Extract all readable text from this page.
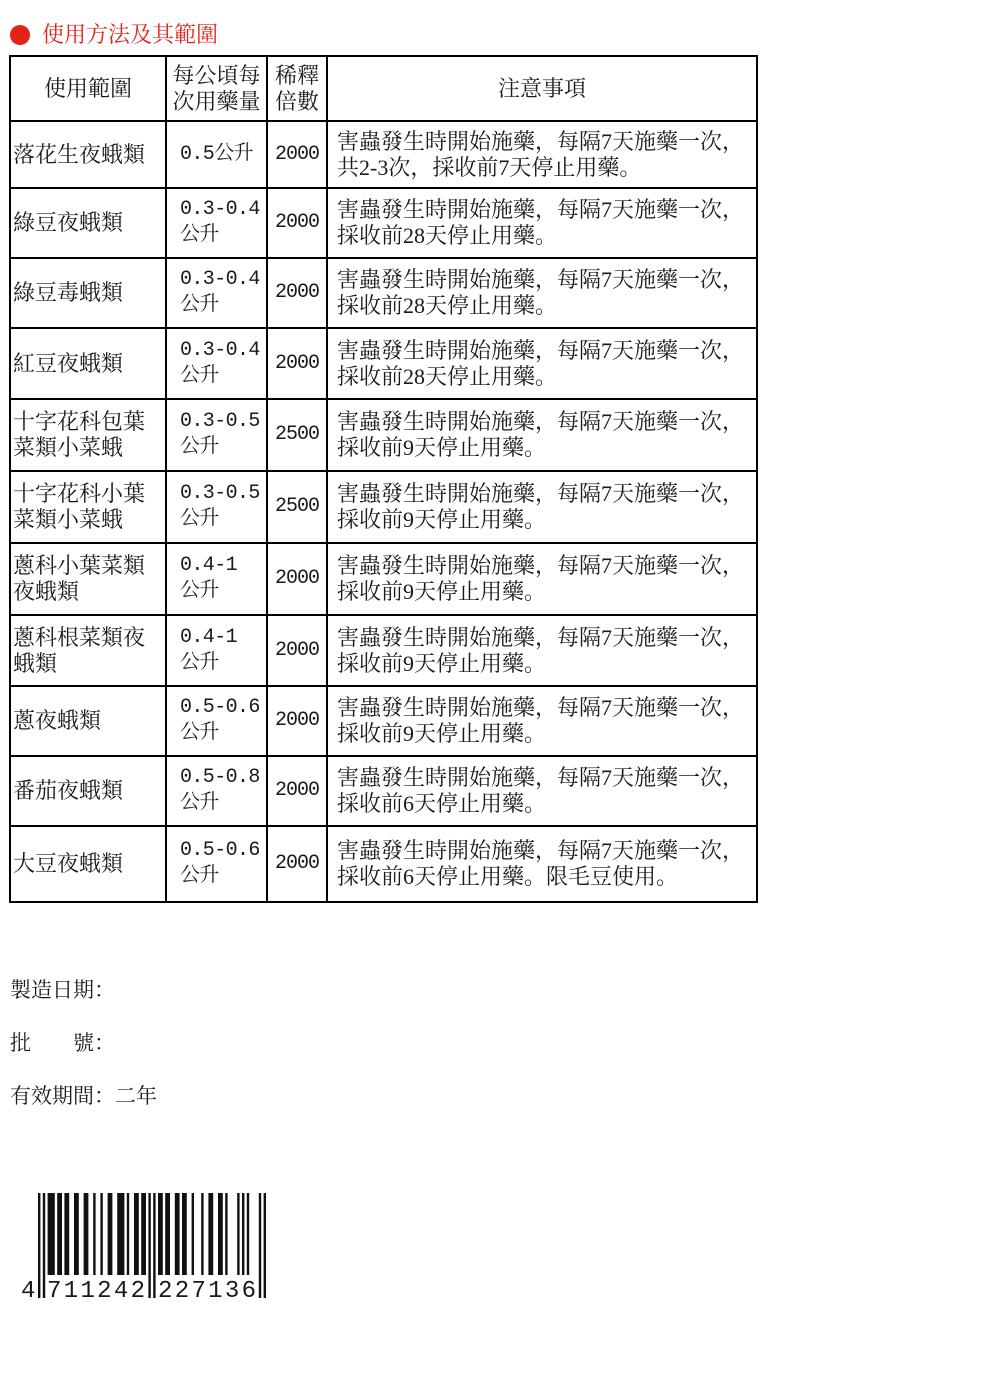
使用方法及其範圍
使用範圍
每公頃每
次用藥量
稀釋
倍數
注意事項
落花生夜蛾類	0.5公升	2000
害蟲發生時開始施藥，每隔7天施藥一次，
共2-3次，採收前7天停止用藥。
綠豆夜蛾類
0.3-0.4
公升
2000
害蟲發生時開始施藥，每隔7天施藥一次，
採收前28天停止用藥。
綠豆毒蛾類
0.3-0.4
公升
2000
害蟲發生時開始施藥，每隔7天施藥一次，
採收前28天停止用藥。
紅豆夜蛾類
0.3-0.4
公升
2000
害蟲發生時開始施藥，每隔7天施藥一次，
採收前28天停止用藥。
十字花科包葉
菜類小菜蛾
0.3-0.5
公升
2500
害蟲發生時開始施藥，每隔7天施藥一次，
採收前9天停止用藥。
十字花科小葉
菜類小菜蛾
0.3-0.5
公升
2500
害蟲發生時開始施藥，每隔7天施藥一次，
採收前9天停止用藥。
蔥科小葉菜類
夜蛾類
0.4-1
公升
2000
害蟲發生時開始施藥，每隔7天施藥一次，
採收前9天停止用藥。
蔥科根菜類夜
蛾類
0.4-1
公升
2000
害蟲發生時開始施藥，每隔7天施藥一次，
採收前9天停止用藥。
蔥夜蛾類
0.5-0.6
公升
2000
害蟲發生時開始施藥，每隔7天施藥一次，
採收前9天停止用藥。
番茄夜蛾類
0.5-0.8
公升
2000
害蟲發生時開始施藥，每隔7天施藥一次，
採收前6天停止用藥。
大豆夜蛾類
0.5-0.6
公升
2000
害蟲發生時開始施藥，每隔7天施藥一次，
採收前6天停止用藥。限毛豆使用。
製造日期：
批　　號：
有效期間：二年
4 711242 227136
